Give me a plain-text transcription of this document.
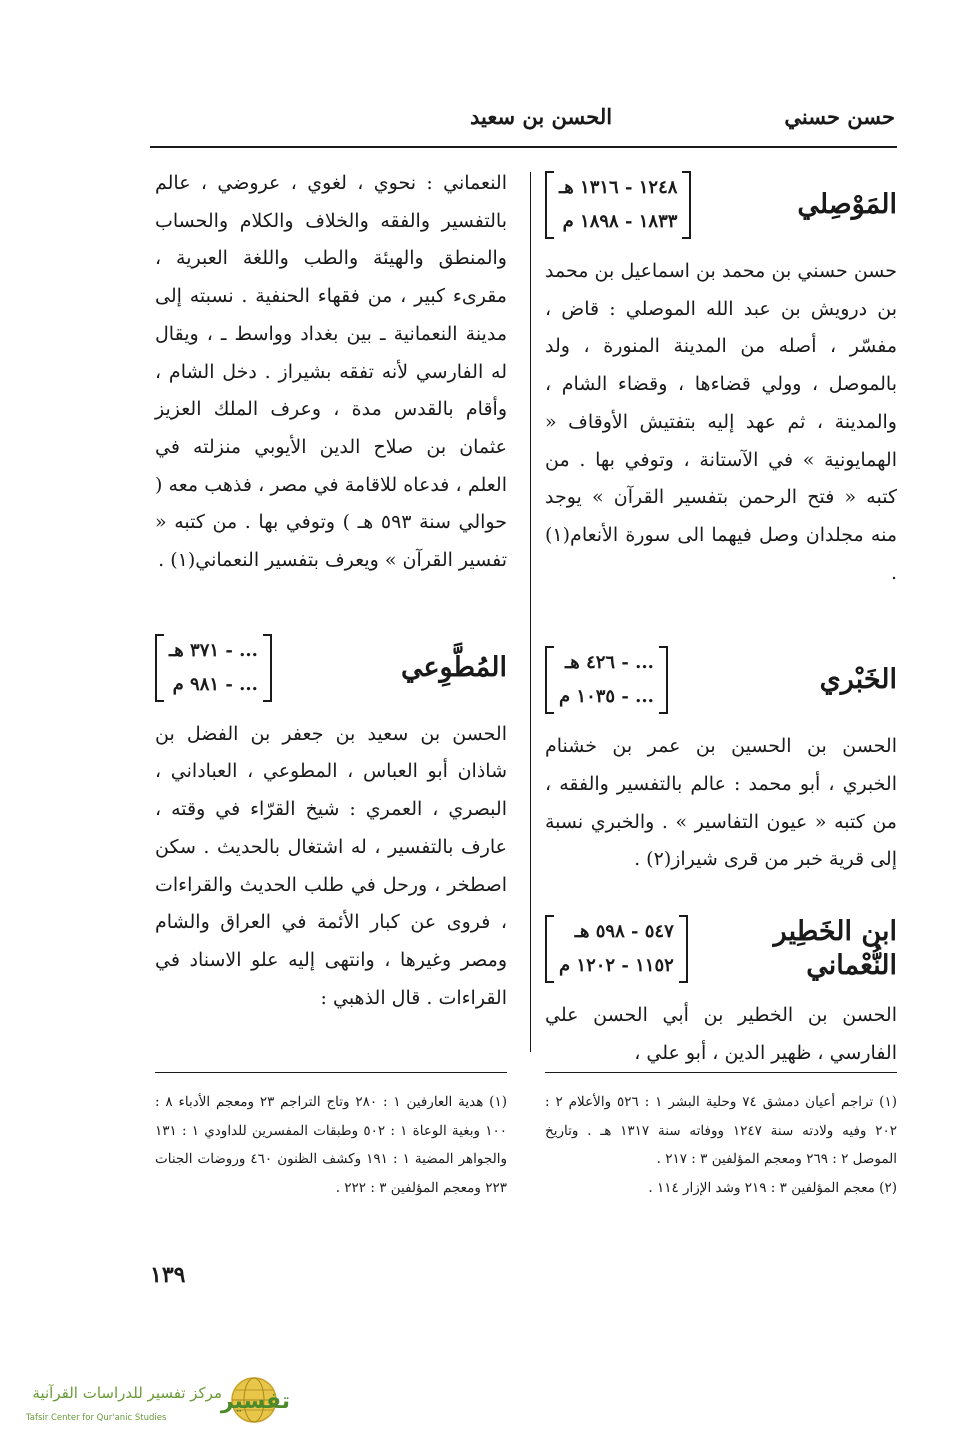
حسن حسني
الحسن بن سعيد
المَوْصِلي
١٢٤٨ - ١٣١٦ هـ
١٨٣٣ - ١٨٩٨ م

حسن حسني بن محمد بن اسماعيل بن محمد بن درويش بن عبد الله الموصلي : قاض ، مفسّر ، أصله من المدينة المنورة ، ولد بالموصل ، وولي قضاءها ، وقضاء الشام ، والمدينة ، ثم عهد إليه بتفتيش الأوقاف « الهمايونية » في الآستانة ، وتوفي بها . من كتبه « فتح الرحمن بتفسير القرآن » يوجد منه مجلدان وصل فيهما الى سورة الأنعام(١) .

الخَبْري
... - ٤٢٦ هـ
... - ١٠٣٥ م

الحسن بن الحسين بن عمر بن خشنام الخبري ، أبو محمد : عالم بالتفسير والفقه ، من كتبه « عيون التفاسير » . والخبري نسبة إلى قرية خبر من قرى شيراز(٢) .

ابن الخَطِير
النُّعْماني
٥٤٧ - ٥٩٨ هـ
١١٥٢ - ١٢٠٢ م

الحسن بن الخطير بن أبي الحسن علي الفارسي ، ظهير الدين ، أبو علي ،

النعماني : نحوي ، لغوي ، عروضي ، عالم بالتفسير والفقه والخلاف والكلام والحساب والمنطق والهيئة والطب واللغة العبرية ، مقرىء كبير ، من فقهاء الحنفية . نسبته إلى مدينة النعمانية ـ بين بغداد وواسط ـ ، ويقال له الفارسي لأنه تفقه بشيراز . دخل الشام ، وأقام بالقدس مدة ، وعرف الملك العزيز عثمان بن صلاح الدين الأيوبي منزلته في العلم ، فدعاه للاقامة في مصر ، فذهب معه ( حوالي سنة ٥٩٣ هـ ) وتوفي بها . من كتبه « تفسير القرآن » ويعرف بتفسير النعماني(١) .

المُطَّوِعي
... - ٣٧١ هـ
... - ٩٨١ م

الحسن بن سعيد بن جعفر بن الفضل بن شاذان أبو العباس ، المطوعي ، العباداني ، البصري ، العمري : شيخ القرّاء في وقته ، عارف بالتفسير ، له اشتغال بالحديث . سكن اصطخر ، ورحل في طلب الحديث والقراءات ، فروى عن كبار الأئمة في العراق والشام ومصر وغيرها ، وانتهى إليه علو الاسناد في القراءات . قال الذهبي :

(١) تراجم أعيان دمشق ٧٤ وحلية البشر ١ : ٥٢٦ والأعلام ٢ : ٢٠٢ وفيه ولادته سنة ١٢٤٧ ووفاته سنة ١٣١٧ هـ . وتاريخ الموصل ٢ : ٢٦٩ ومعجم المؤلفين ٣ : ٢١٧ .

(٢) معجم المؤلفين ٣ : ٢١٩ وشد الإزار ١١٤ .

(١) هدية العارفين ١ : ٢٨٠ وتاج التراجم ٢٣ ومعجم الأدباء ٨ : ١٠٠ وبغية الوعاة ١ : ٥٠٢ وطبقات المفسرين للداودي ١ : ١٣١ والجواهر المضية ١ : ١٩١ وكشف الظنون ٤٦٠ وروضات الجنات ٢٢٣ ومعجم المؤلفين ٣ : ٢٢٢ .

١٣٩
تفسير
مركز تفسير للدراسات القرآنية
Tafsir Center for Qur'anic Studies
